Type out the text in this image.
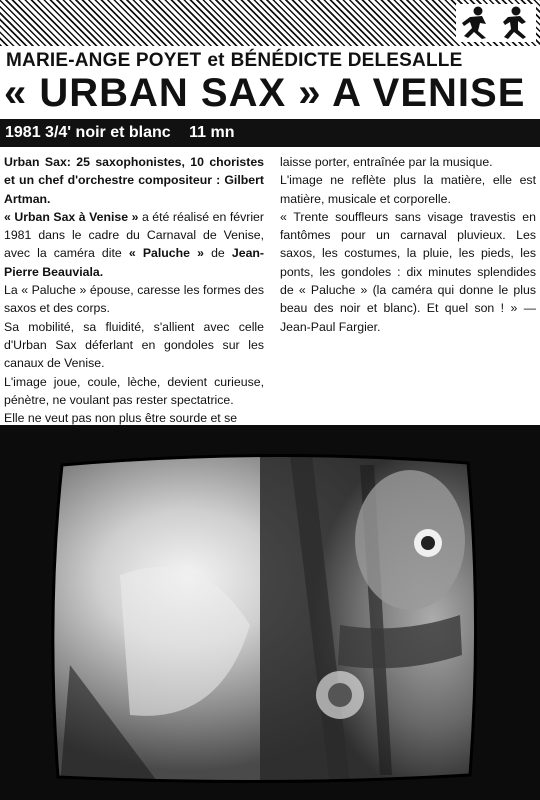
MARIE-ANGE POYET et BÉNÉDICTE DELESALLE
« URBAN SAX » A VENISE
1981 3/4' noir et blanc 11 mn

Urban Sax: 25 saxophonistes, 10 choristes et un chef d'orchestre compositeur : Gilbert Artman.

« Urban Sax à Venise » a été réalisé en février 1981 dans le cadre du Carnaval de Venise, avec la caméra dite « Paluche » de Jean-Pierre Beauviala.

La « Paluche » épouse, caresse les formes des saxos et des corps.

Sa mobilité, sa fluidité, s'allient avec celle d'Urban Sax déferlant en gondoles sur les canaux de Venise.

L'image joue, coule, lèche, devient curieuse, pénètre, ne voulant pas rester spectatrice.

Elle ne veut pas non plus être sourde et se

laisse porter, entraînée par la musique.

L'image ne reflète plus la matière, elle est matière, musicale et corporelle.

« Trente souffleurs sans visage travestis en fantômes pour un carnaval pluvieux. Les saxos, les costumes, la pluie, les pieds, les ponts, les gondoles : dix minutes splendides de « Paluche » (la caméra qui donne le plus beau des noir et blanc). Et quel son ! » — Jean-Paul Fargier.
